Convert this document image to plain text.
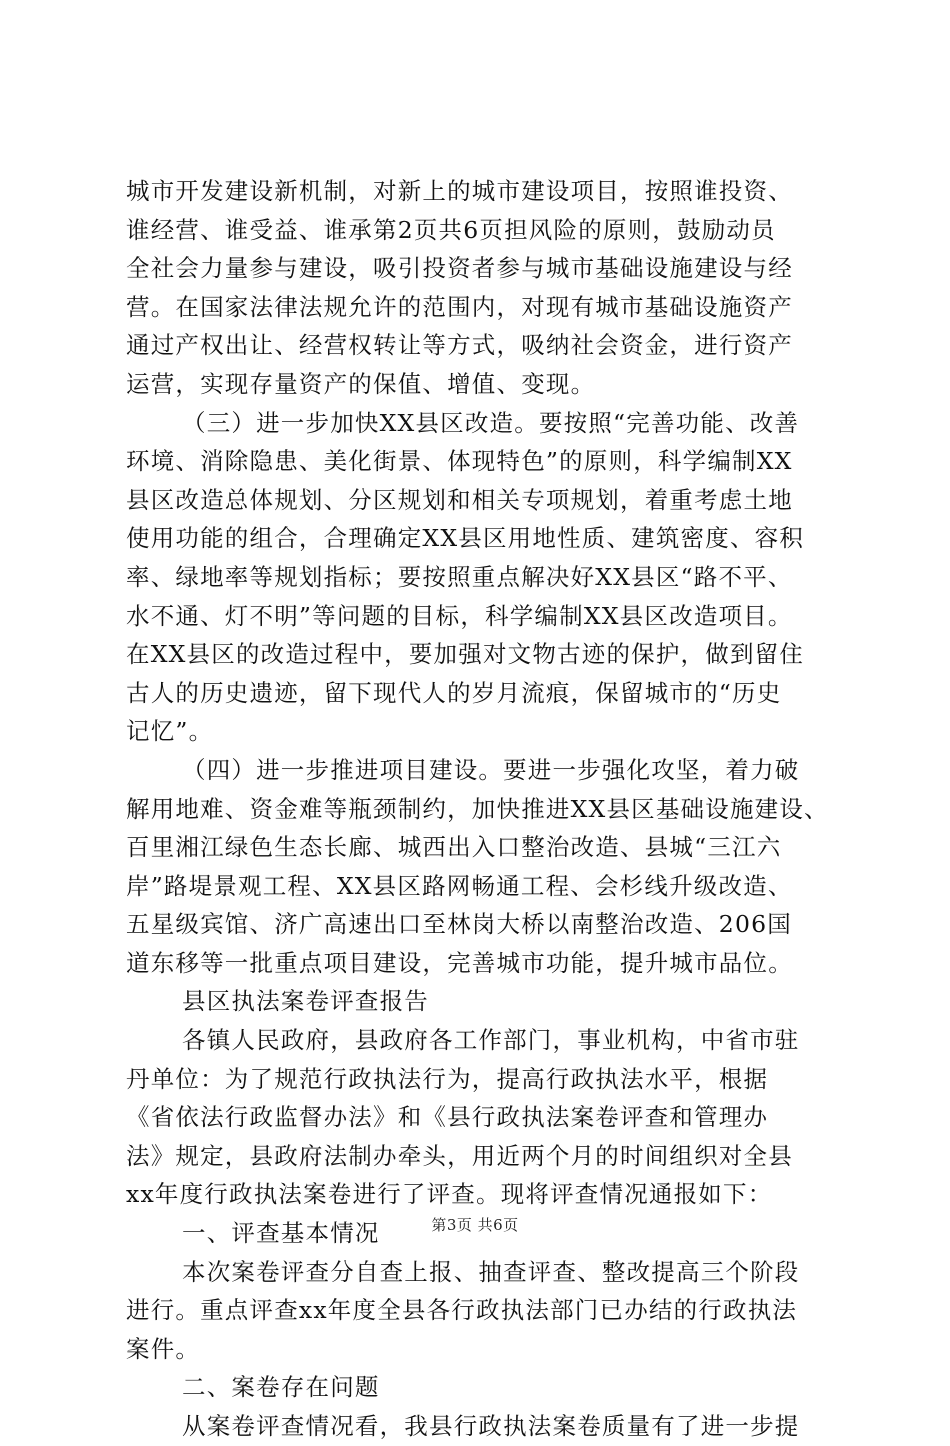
城市开发建设新机制，对新上的城市建设项目，按照谁投资、
谁经营、谁受益、谁承第2页共6页担风险的原则，鼓励动员
全社会力量参与建设，吸引投资者参与城市基础设施建设与经
营。在国家法律法规允许的范围内，对现有城市基础设施资产
通过产权出让、经营权转让等方式，吸纳社会资金，进行资产
运营，实现存量资产的保值、增值、变现。
（三）进一步加快XX县区改造。要按照“完善功能、改善
环境、消除隐患、美化街景、体现特色”的原则，科学编制XX
县区改造总体规划、分区规划和相关专项规划，着重考虑土地
使用功能的组合，合理确定XX县区用地性质、建筑密度、容积
率、绿地率等规划指标；要按照重点解决好XX县区“路不平、
水不通、灯不明”等问题的目标，科学编制XX县区改造项目。
在XX县区的改造过程中，要加强对文物古迹的保护，做到留住
古人的历史遗迹，留下现代人的岁月流痕，保留城市的“历史
记忆”。
（四）进一步推进项目建设。要进一步强化攻坚，着力破
解用地难、资金难等瓶颈制约，加快推进XX县区基础设施建设、
百里湘江绿色生态长廊、城西出入口整治改造、县城“三江六
岸”路堤景观工程、XX县区路网畅通工程、会杉线升级改造、
五星级宾馆、济广高速出口至林岗大桥以南整治改造、206国
道东移等一批重点项目建设，完善城市功能，提升城市品位。
县区执法案卷评查报告
各镇人民政府，县政府各工作部门，事业机构，中省市驻
丹单位：为了规范行政执法行为，提高行政执法水平，根据
《省依法行政监督办法》和《县行政执法案卷评查和管理办
法》规定，县政府法制办牵头，用近两个月的时间组织对全县
xx年度行政执法案卷进行了评查。现将评查情况通报如下：
一、评查基本情况
本次案卷评查分自查上报、抽查评查、整改提高三个阶段
进行。重点评查xx年度全县各行政执法部门已办结的行政执法
案件。
二、案卷存在问题
从案卷评查情况看，我县行政执法案卷质量有了进一步提
第3页 共6页
